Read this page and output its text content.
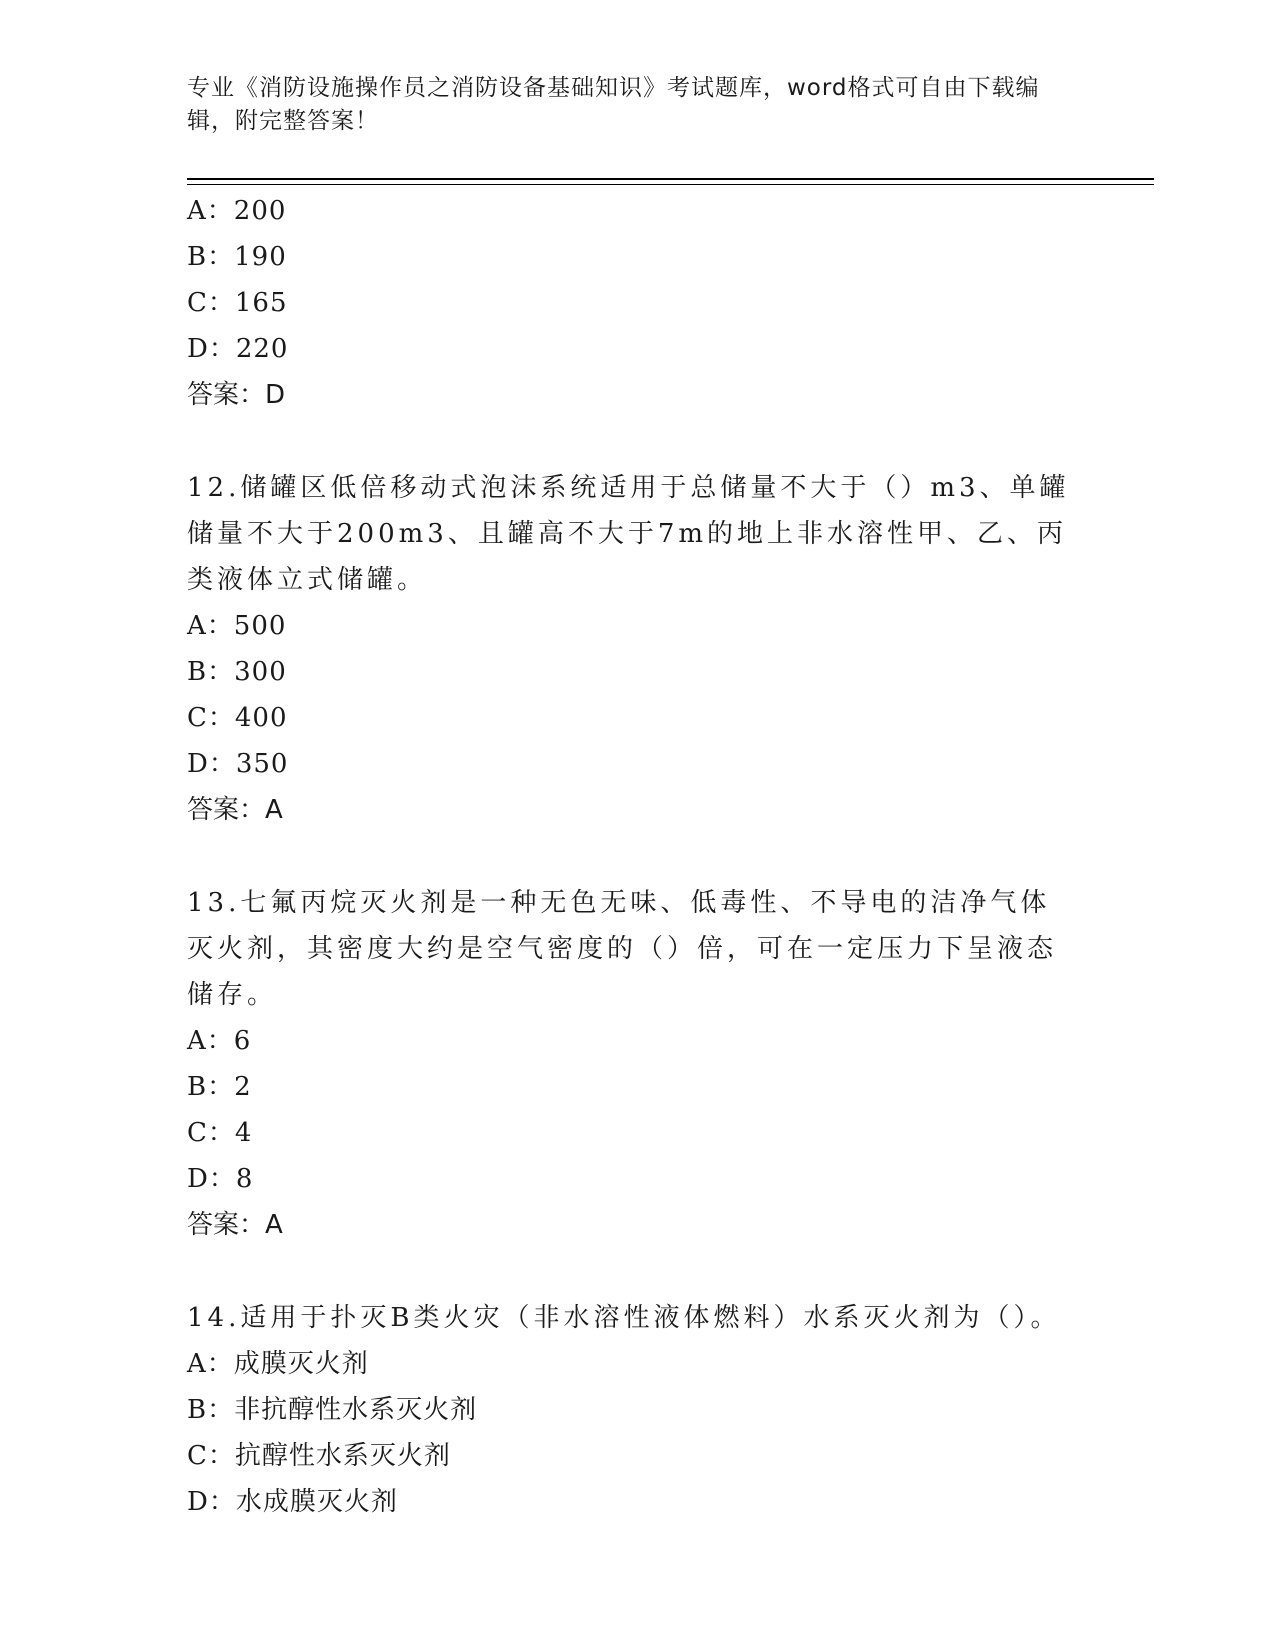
专业《消防设施操作员之消防设备基础知识》考试题库，word格式可自由下载编辑，附完整答案！
A：200
B：190
C：165
D：220
答案：D
12.储罐区低倍移动式泡沫系统适用于总储量不大于（）m3、单罐储量不大于200m3、且罐高不大于7m的地上非水溶性甲、乙、丙类液体立式储罐。
A：500
B：300
C：400
D：350
答案：A
13.七氟丙烷灭火剂是一种无色无味、低毒性、不导电的洁净气体灭火剂，其密度大约是空气密度的（）倍，可在一定压力下呈液态储存。
A：6
B：2
C：4
D：8
答案：A
14.适用于扑灭B类火灾（非水溶性液体燃料）水系灭火剂为（）。
A：成膜灭火剂
B：非抗醇性水系灭火剂
C：抗醇性水系灭火剂
D：水成膜灭火剂
